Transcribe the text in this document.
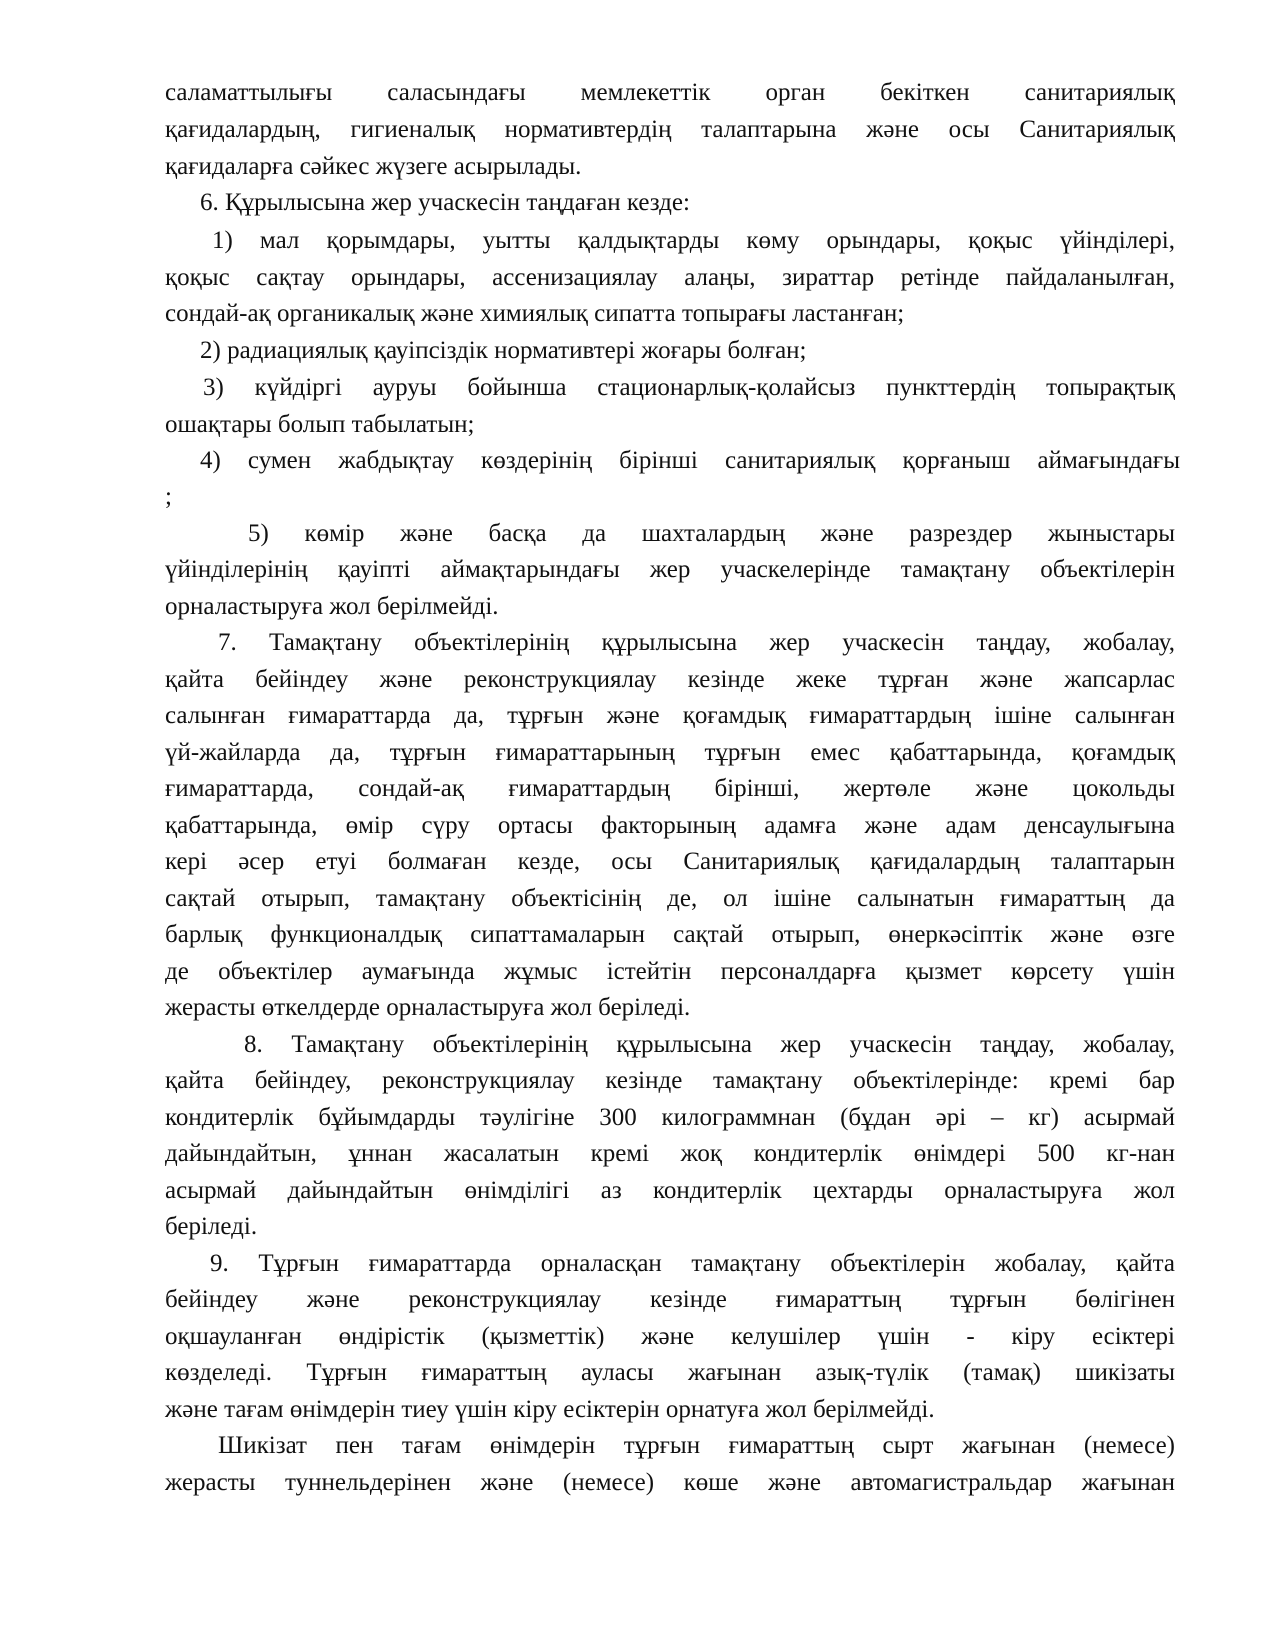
саламаттылығы саласындағы мемлекеттік орган бекіткен санитариялық
қағидалардың, гигиеналық нормативтердің талаптарына және осы Санитариялық
қағидаларға сәйкес жүзеге асырылады.
6. Құрылысына жер учаскесін таңдаған кезде:
1) мал қорымдары, уытты қалдықтарды көму орындары, қоқыс үйінділері,
қоқыс сақтау орындары, ассенизациялау алаңы, зираттар ретінде пайдаланылған,
сондай-ақ органикалық және химиялық сипатта топырағы ластанған;
2) радиациялық қауіпсіздік нормативтері жоғары болған;
3) күйдіргі ауруы бойынша стационарлық-қолайсыз пункттердің топырақтық
ошақтары болып табылатын;
4) сумен жабдықтау көздерінің бірінші санитариялық қорғаныш аймағындағы
;
5) көмір және басқа да шахталардың және разрездер жыныстары
үйінділерінің қауіпті аймақтарындағы жер учаскелерінде тамақтану объектілерін
орналастыруға жол берілмейді.
7. Тамақтану объектілерінің құрылысына жер учаскесін таңдау, жобалау,
қайта бейіндеу және реконструкциялау кезінде жеке тұрған және жапсарлас
салынған ғимараттарда да, тұрғын және қоғамдық ғимараттардың ішіне салынған
үй-жайларда да, тұрғын ғимараттарының тұрғын емес қабаттарында, қоғамдық
ғимараттарда, сондай-ақ ғимараттардың бірінші, жертөле және цокольды
қабаттарында, өмір сүру ортасы факторының адамға және адам денсаулығына
кері әсер етуі болмаған кезде, осы Санитариялық қағидалардың талаптарын
сақтай отырып, тамақтану объектісінің де, ол ішіне салынатын ғимараттың да
барлық функционалдық сипаттамаларын сақтай отырып, өнеркәсіптік және өзге
де объектілер аумағында жұмыс істейтін персоналдарға қызмет көрсету үшін
жерасты өткелдерде орналастыруға жол беріледі.
8. Тамақтану объектілерінің құрылысына жер учаскесін таңдау, жобалау,
қайта бейіндеу, реконструкциялау кезінде тамақтану объектілерінде: кремі бар
кондитерлік бұйымдарды тәулігіне 300 килограммнан (бұдан әрі – кг) асырмай
дайындайтын, ұннан жасалатын кремі жоқ кондитерлік өнімдері 500 кг-нан
асырмай дайындайтын өнімділігі аз кондитерлік цехтарды орналастыруға жол
беріледі.
9. Тұрғын ғимараттарда орналасқан тамақтану объектілерін жобалау, қайта
бейіндеу және реконструкциялау кезінде ғимараттың тұрғын бөлігінен
оқшауланған өндірістік (қызметтік) және келушілер үшін - кіру есіктері
көзделеді. Тұрғын ғимараттың ауласы жағынан азық-түлік (тамақ) шикізаты
және тағам өнімдерін тиеу үшін кіру есіктерін орнатуға жол берілмейді.
Шикізат пен тағам өнімдерін тұрғын ғимараттың сырт жағынан (немесе)
жерасты туннельдерінен және (немесе) көше және автомагистральдар жағынан
